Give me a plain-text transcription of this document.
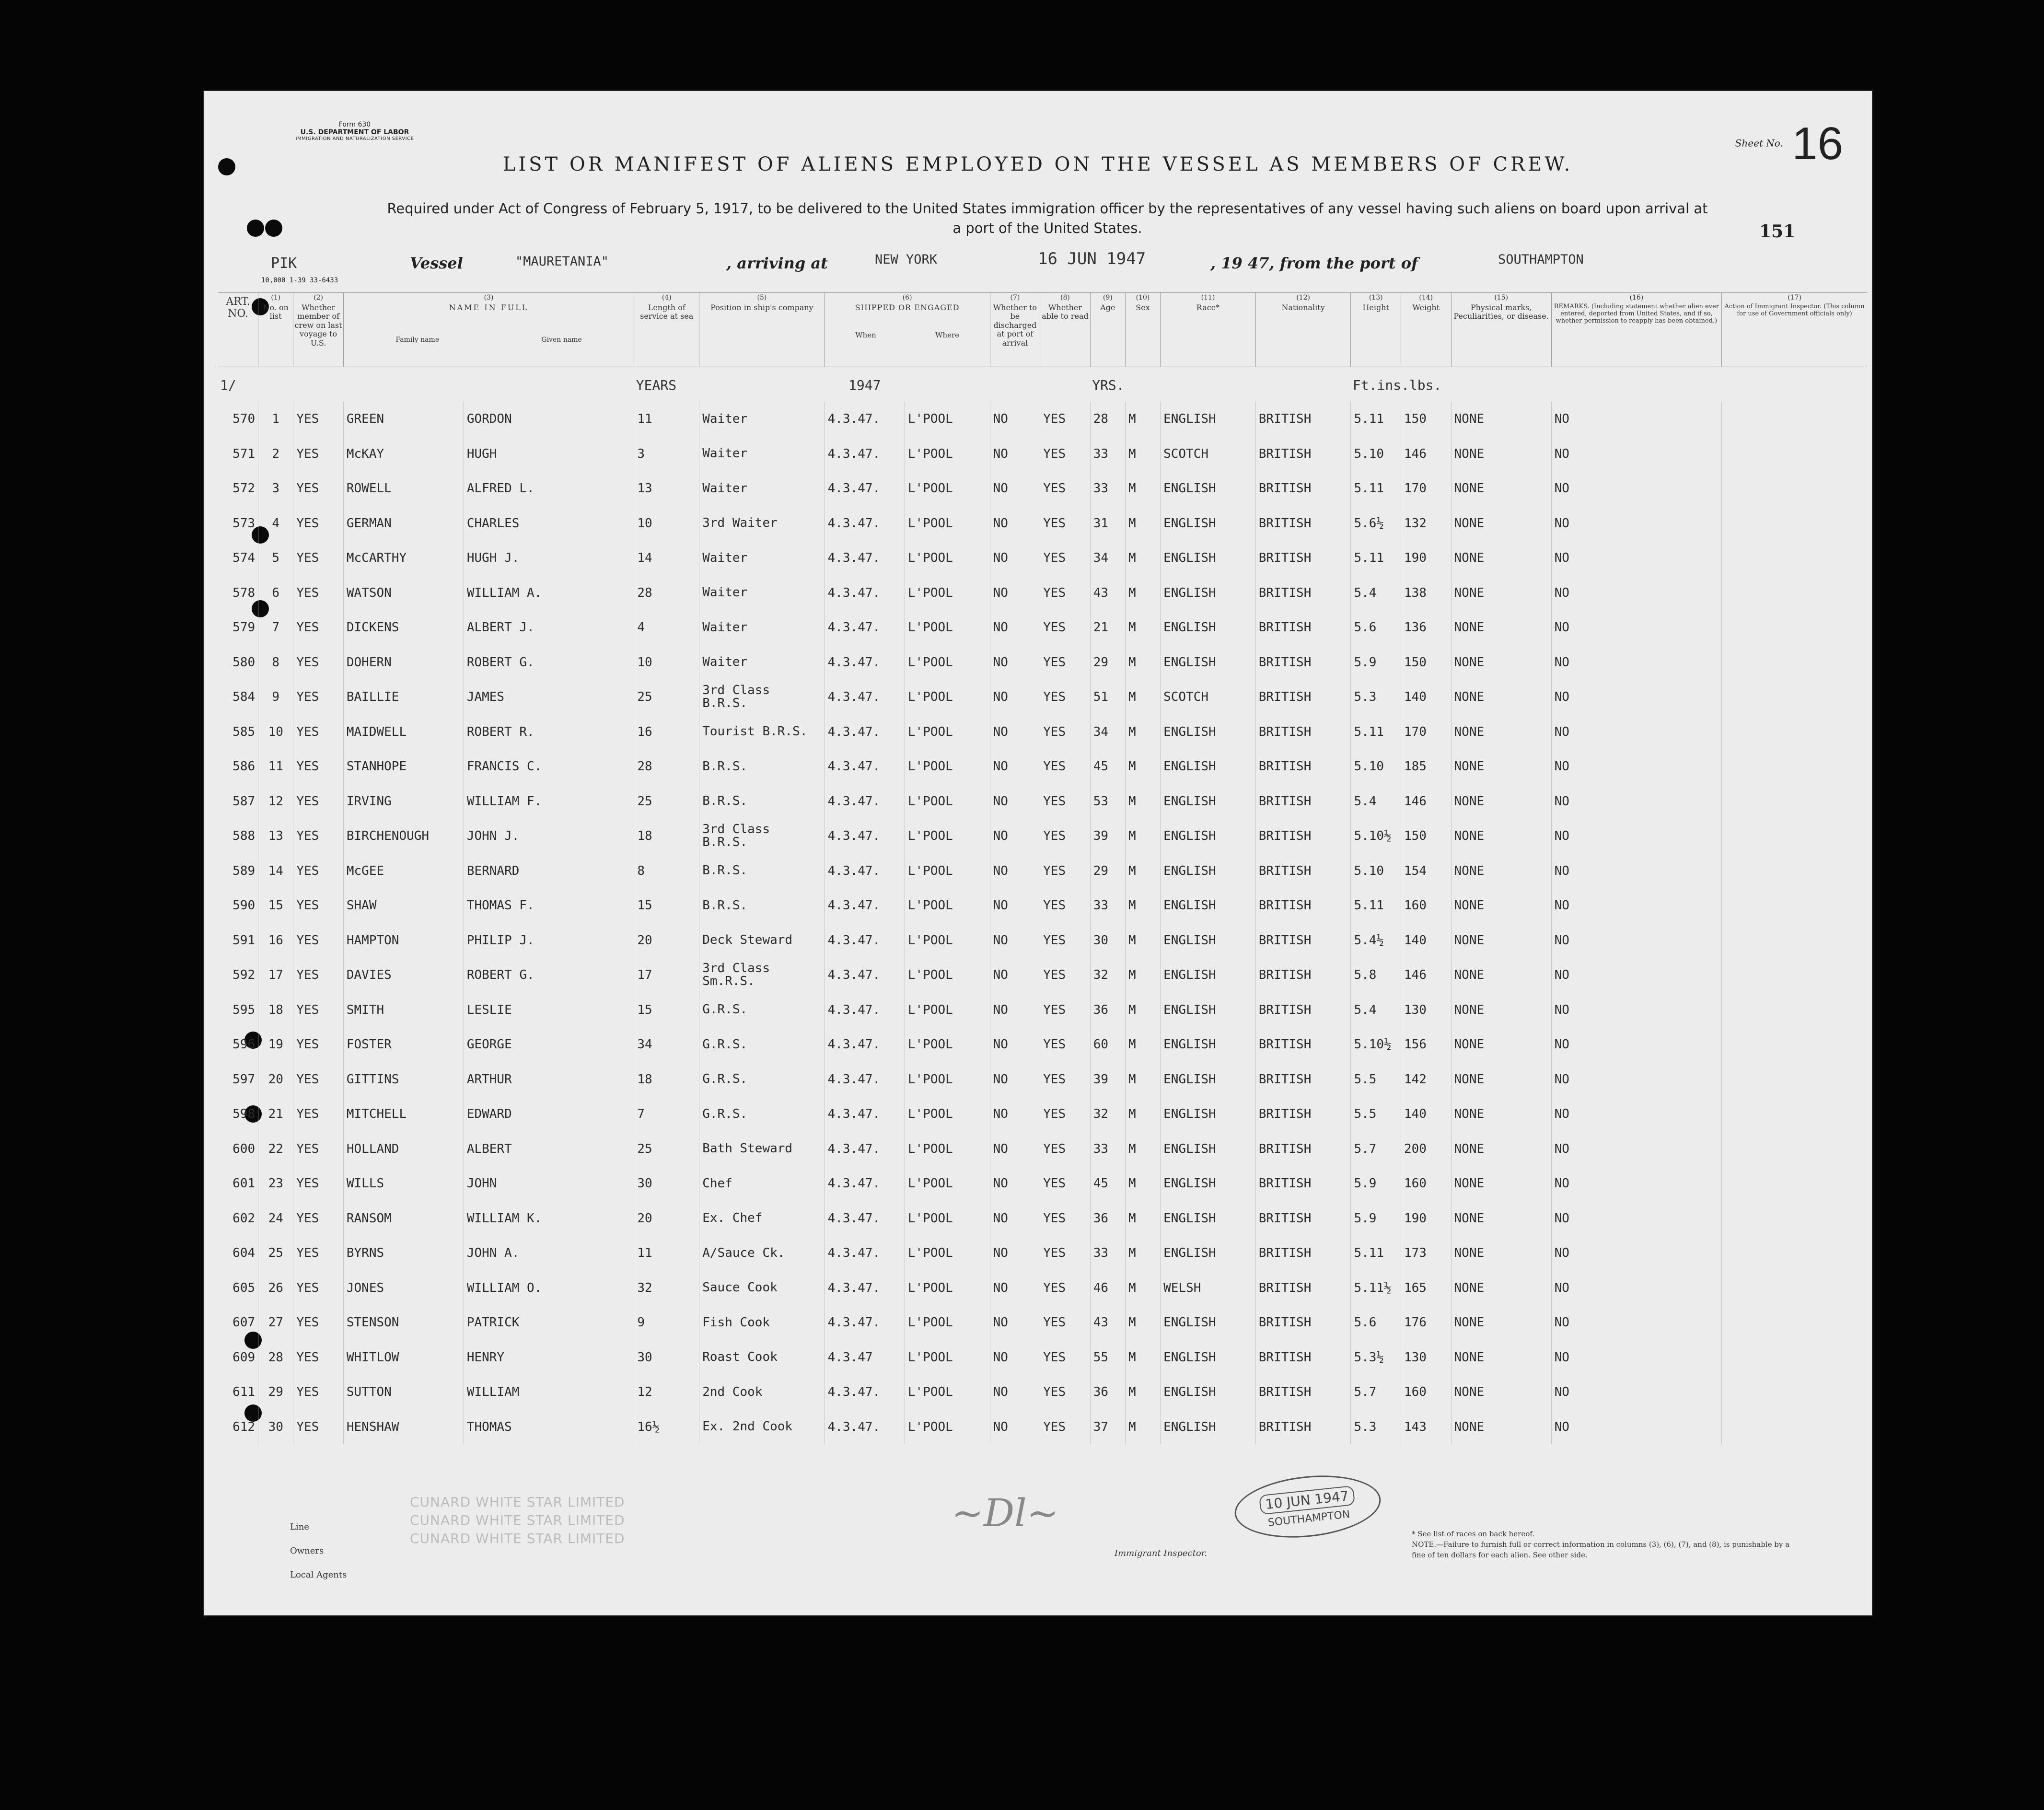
Form 630
U.S. DEPARTMENT OF LABOR
IMMIGRATION AND NATURALIZATION SERVICE	Sheet No. 16
LIST OR MANIFEST OF ALIENS EMPLOYED ON THE VESSEL AS MEMBERS OF CREW.
Required under Act of Congress of February 5, 1917, to be delivered to the United States immigration officer by the representatives of any vessel having such aliens on board upon arrival at a port of the United States.	151
PIK
10,000 1-39 33-6433
Vessel	"MAURETANIA"	, arriving at	NEW YORK	16 JUN 1947	, 19 47, from the port of	SOUTHAMPTON
ART. NO.	
(1)
No. on list	
(2)
Whether member of crew on last voyage to U.S.	
(3)
NAME IN FULL
Family name	Given name

(4)
Length of service at sea	
(5)
Position in ship's company	
(6)
SHIPPED OR ENGAGED
When	Where

(7)
Whether to be discharged at port of arrival	
(8)
Whether able to read	
(9)
Age	
(10)
Sex	
(11)
Race*	
(12)
Nationality	
(13)
Height	
(14)
Weight	
(15)
Physical marks, Peculiarities, or disease.	
(16)
REMARKS. (Including statement whether alien ever entered, deported from United States, and if so, whether permission to reapply has been obtained.)	
(17)
Action of Immigrant Inspector. (This column for use of Government officials only)
1/					YEARS		1947				YRS.			Ft.ins.lbs.	
570	1	YES	GREEN	GORDON	11	Waiter	4.3.47.	L'POOL	NO	YES	28	M	ENGLISH	BRITISH	5.11	150	NONE	NO	
571	2	YES	McKAY	HUGH	3	Waiter	4.3.47.	L'POOL	NO	YES	33	M	SCOTCH	BRITISH	5.10	146	NONE	NO	
572	3	YES	ROWELL	ALFRED L.	13	Waiter	4.3.47.	L'POOL	NO	YES	33	M	ENGLISH	BRITISH	5.11	170	NONE	NO	
573	4	YES	GERMAN	CHARLES	10	3rd Waiter	4.3.47.	L'POOL	NO	YES	31	M	ENGLISH	BRITISH	5.6½	132	NONE	NO	
574	5	YES	McCARTHY	HUGH J.	14	Waiter	4.3.47.	L'POOL	NO	YES	34	M	ENGLISH	BRITISH	5.11	190	NONE	NO	
578	6	YES	WATSON	WILLIAM A.	28	Waiter	4.3.47.	L'POOL	NO	YES	43	M	ENGLISH	BRITISH	5.4	138	NONE	NO	
579	7	YES	DICKENS	ALBERT J.	4	Waiter	4.3.47.	L'POOL	NO	YES	21	M	ENGLISH	BRITISH	5.6	136	NONE	NO	
580	8	YES	DOHERN	ROBERT G.	10	Waiter	4.3.47.	L'POOL	NO	YES	29	M	ENGLISH	BRITISH	5.9	150	NONE	NO	
584	9	YES	BAILLIE	JAMES	25	3rd Class B.R.S.	4.3.47.	L'POOL	NO	YES	51	M	SCOTCH	BRITISH	5.3	140	NONE	NO	
585	10	YES	MAIDWELL	ROBERT R.	16	Tourist B.R.S.	4.3.47.	L'POOL	NO	YES	34	M	ENGLISH	BRITISH	5.11	170	NONE	NO	
586	11	YES	STANHOPE	FRANCIS C.	28	B.R.S.	4.3.47.	L'POOL	NO	YES	45	M	ENGLISH	BRITISH	5.10	185	NONE	NO	
587	12	YES	IRVING	WILLIAM F.	25	B.R.S.	4.3.47.	L'POOL	NO	YES	53	M	ENGLISH	BRITISH	5.4	146	NONE	NO	
588	13	YES	BIRCHENOUGH	JOHN J.	18	3rd Class B.R.S.	4.3.47.	L'POOL	NO	YES	39	M	ENGLISH	BRITISH	5.10½	150	NONE	NO	
589	14	YES	McGEE	BERNARD	8	B.R.S.	4.3.47.	L'POOL	NO	YES	29	M	ENGLISH	BRITISH	5.10	154	NONE	NO	
590	15	YES	SHAW	THOMAS F.	15	B.R.S.	4.3.47.	L'POOL	NO	YES	33	M	ENGLISH	BRITISH	5.11	160	NONE	NO	
591	16	YES	HAMPTON	PHILIP J.	20	Deck Steward	4.3.47.	L'POOL	NO	YES	30	M	ENGLISH	BRITISH	5.4½	140	NONE	NO	
592	17	YES	DAVIES	ROBERT G.	17	3rd Class Sm.R.S.	4.3.47.	L'POOL	NO	YES	32	M	ENGLISH	BRITISH	5.8	146	NONE	NO	
595	18	YES	SMITH	LESLIE	15	G.R.S.	4.3.47.	L'POOL	NO	YES	36	M	ENGLISH	BRITISH	5.4	130	NONE	NO	
596	19	YES	FOSTER	GEORGE	34	G.R.S.	4.3.47.	L'POOL	NO	YES	60	M	ENGLISH	BRITISH	5.10½	156	NONE	NO	
597	20	YES	GITTINS	ARTHUR	18	G.R.S.	4.3.47.	L'POOL	NO	YES	39	M	ENGLISH	BRITISH	5.5	142	NONE	NO	
598	21	YES	MITCHELL	EDWARD	7	G.R.S.	4.3.47.	L'POOL	NO	YES	32	M	ENGLISH	BRITISH	5.5	140	NONE	NO	
600	22	YES	HOLLAND	ALBERT	25	Bath Steward	4.3.47.	L'POOL	NO	YES	33	M	ENGLISH	BRITISH	5.7	200	NONE	NO	
601	23	YES	WILLS	JOHN	30	Chef	4.3.47.	L'POOL	NO	YES	45	M	ENGLISH	BRITISH	5.9	160	NONE	NO	
602	24	YES	RANSOM	WILLIAM K.	20	Ex. Chef	4.3.47.	L'POOL	NO	YES	36	M	ENGLISH	BRITISH	5.9	190	NONE	NO	
604	25	YES	BYRNS	JOHN A.	11	A/Sauce Ck.	4.3.47.	L'POOL	NO	YES	33	M	ENGLISH	BRITISH	5.11	173	NONE	NO	
605	26	YES	JONES	WILLIAM O.	32	Sauce Cook	4.3.47.	L'POOL	NO	YES	46	M	WELSH	BRITISH	5.11½	165	NONE	NO	
607	27	YES	STENSON	PATRICK	9	Fish Cook	4.3.47.	L'POOL	NO	YES	43	M	ENGLISH	BRITISH	5.6	176	NONE	NO	
609	28	YES	WHITLOW	HENRY	30	Roast Cook	4.3.47	L'POOL	NO	YES	55	M	ENGLISH	BRITISH	5.3½	130	NONE	NO	
611	29	YES	SUTTON	WILLIAM	12	2nd Cook	4.3.47.	L'POOL	NO	YES	36	M	ENGLISH	BRITISH	5.7	160	NONE	NO	
612	30	YES	HENSHAW	THOMAS	16½	Ex. 2nd Cook	4.3.47.	L'POOL	NO	YES	37	M	ENGLISH	BRITISH	5.3	143	NONE	NO	
Line
Owners
Local Agents
CUNARD WHITE STAR LIMITED
CUNARD WHITE STAR LIMITED
CUNARD WHITE STAR LIMITED
~Dl~
Immigrant Inspector.
10 JUN 1947
SOUTHAMPTON
* See list of races on back hereof.
NOTE.—Failure to furnish full or correct information in columns (3), (6), (7), and (8), is punishable by a fine of ten dollars for each alien. See other side.
